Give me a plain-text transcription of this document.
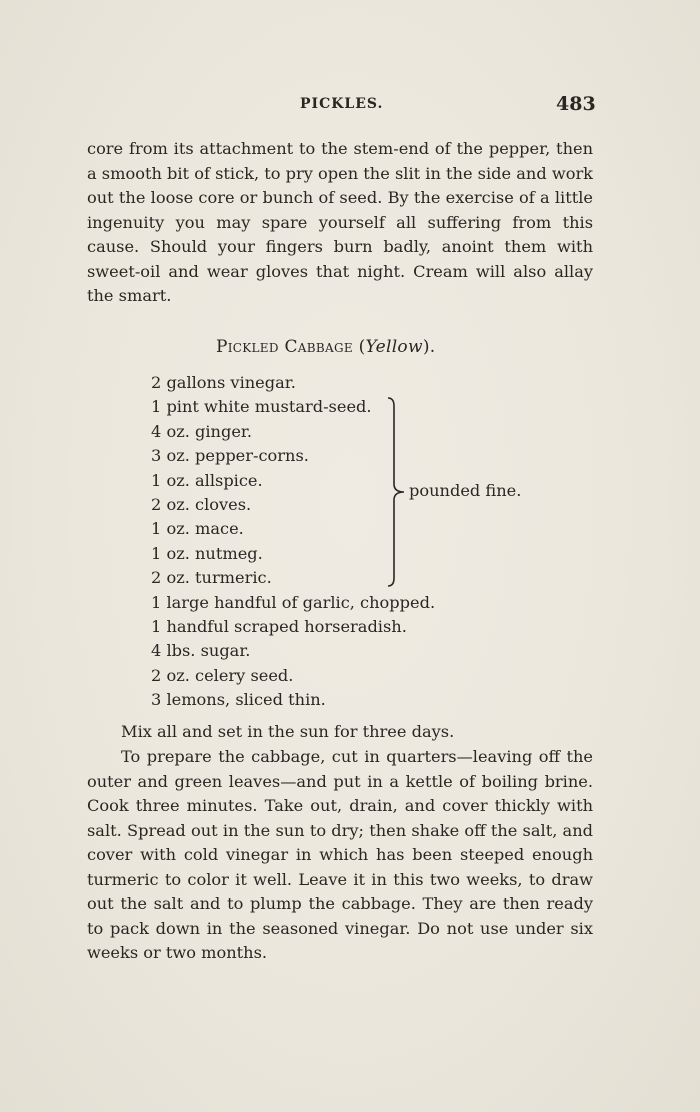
PICKLES.	483

core from its attachment to the stem-end of the pepper, then a smooth bit of stick, to pry open the slit in the side and work out the loose core or bunch of seed. By the exercise of a little ingenuity you may spare yourself all suffering from this cause. Should your fingers burn badly, anoint them with sweet-oil and wear gloves that night. Cream will also allay the smart.

Pickled Cabbage (Yellow).
2 gallons vinegar.
1 pint white mustard-seed.
4 oz. ginger.
3 oz. pepper-corns.
1 oz. allspice.
2 oz. cloves.
1 oz. mace.
1 oz. nutmeg.
2 oz. turmeric.
1 large handful of garlic, chopped.
1 handful scraped horseradish.
4 lbs. sugar.
2 oz. celery seed.
3 lemons, sliced thin.
pounded fine.

Mix all and set in the sun for three days.

To prepare the cabbage, cut in quarters—leaving off the outer and green leaves—and put in a kettle of boiling brine. Cook three minutes. Take out, drain, and cover thickly with salt. Spread out in the sun to dry; then shake off the salt, and cover with cold vinegar in which has been steeped enough turmeric to color it well. Leave it in this two weeks, to draw out the salt and to plump the cabbage. They are then ready to pack down in the seasoned vinegar. Do not use under six weeks or two months.
